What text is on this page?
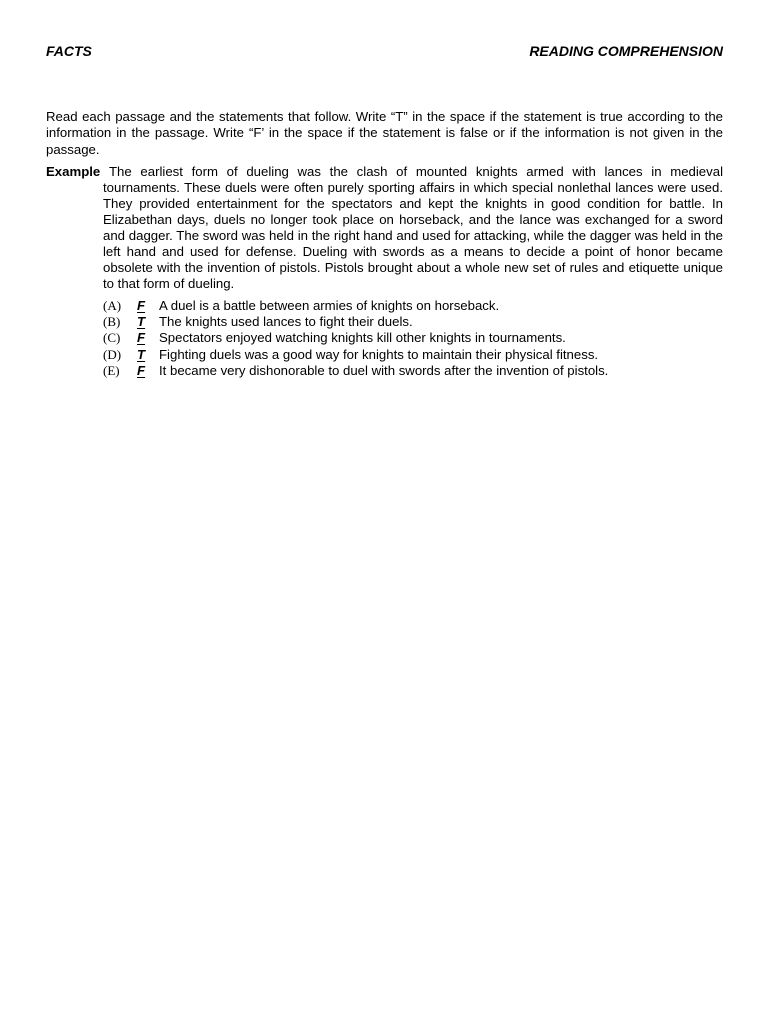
FACTS	READING COMPREHENSION
Read each passage and the statements that follow. Write “T” in the space if the statement is true according to the information in the passage. Write “F’ in the space if the statement is false or if the information is not given in the passage.
Example The earliest form of dueling was the clash of mounted knights armed with lances in medieval tournaments. These duels were often purely sporting affairs in which special nonlethal lances were used. They provided entertainment for the spectators and kept the knights in good condition for battle. In Elizabethan days, duels no longer took place on horseback, and the lance was exchanged for a sword and dagger. The sword was held in the right hand and used for attacking, while the dagger was held in the left hand and used for defense. Dueling with swords as a means to decide a point of honor became obsolete with the invention of pistols. Pistols brought about a whole new set of rules and etiquette unique to that form of dueling.
(A) F A duel is a battle between armies of knights on horseback.
(B) T The knights used lances to fight their duels.
(C) F Spectators enjoyed watching knights kill other knights in tournaments.
(D) T Fighting duels was a good way for knights to maintain their physical fitness.
(E) F It became very dishonorable to duel with swords after the invention of pistols.
